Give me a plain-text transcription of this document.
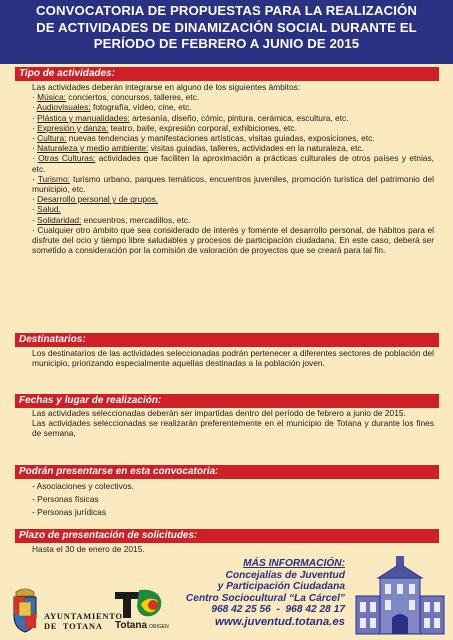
CONVOCATORIA DE PROPUESTAS PARA LA REALIZACIÓN
DE ACTIVIDADES DE DINAMIZACIÓN SOCIAL DURANTE EL
PERÍODO DE FEBRERO A JUNIO DE 2015
Tipo de actividades:
Las actividades deberán integrarse en alguno de los siguientes ámbitos:
· Música: conciertos, concursos, talleres, etc.
· Audiovisuales: fotografía, vídeo, cine, etc.
· Plástica y manualidades: artesanía, diseño, cómic, pintura, cerámica, escultura, etc.
· Expresión y danza: teatro, baile, expresión corporal, exhibiciones, etc.
· Cultura: nuevas tendencias y manifestaciones artísticas, visitas guiadas, exposiciones, etc.
· Naturaleza y medio ambiente: visitas guiadas, talleres, actividades en la naturaleza, etc.
· Otras Culturas: actividades que faciliten la aproximación a prácticas culturales de otros países y etnias, etc.
· Turismo: turismo urbano, parques temáticos, encuentros juveniles, promoción turística del patrimonio del municipio, etc.
· Desarrollo personal y de grupos.
· Salud.
· Solidaridad: encuentros, mercadillos, etc.
· Cualquier otro ámbito que sea considerado de interés y fomente el desarrollo personal, de hábitos para el disfrute del ocio y tiempo libre saludables y procesos de participación ciudadana. En este caso, deberá ser sometido a consideración por la comisión de valoración de proyectos que se creará para tal fin.
Destinatarios:
Los destinatarios de las actividades seleccionadas podrán pertenecer a diferentes sectores de población del municipio, priorizando especialmente aquellas destinadas a la población joven.
Fechas y lugar de realización:
Las actividades seleccionadas deberán ser impartidas dentro del período de febrero a junio de 2015.
Las actividades seleccionadas se realizarán preferentemente en el municipio de Totana y durante los fines de semana.
Podrán presentarse en esta convocatoria:
- Asociaciones y colectivos.
- Personas físicas
- Personas jurídicas
Plazo de presentación de solicitudes:
Hasta el 30 de enero de 2015.
MÁS INFORMACIÓN:
Concejalías de Juventud
y Participación Ciudadana
Centro Sociocultural “La Cárcel”
968 42 25 56  -  968 42 28 17
www.juventud.totana.es
AYUNTAMIENTO
DE  TOTANA	Totana ORIGEN
